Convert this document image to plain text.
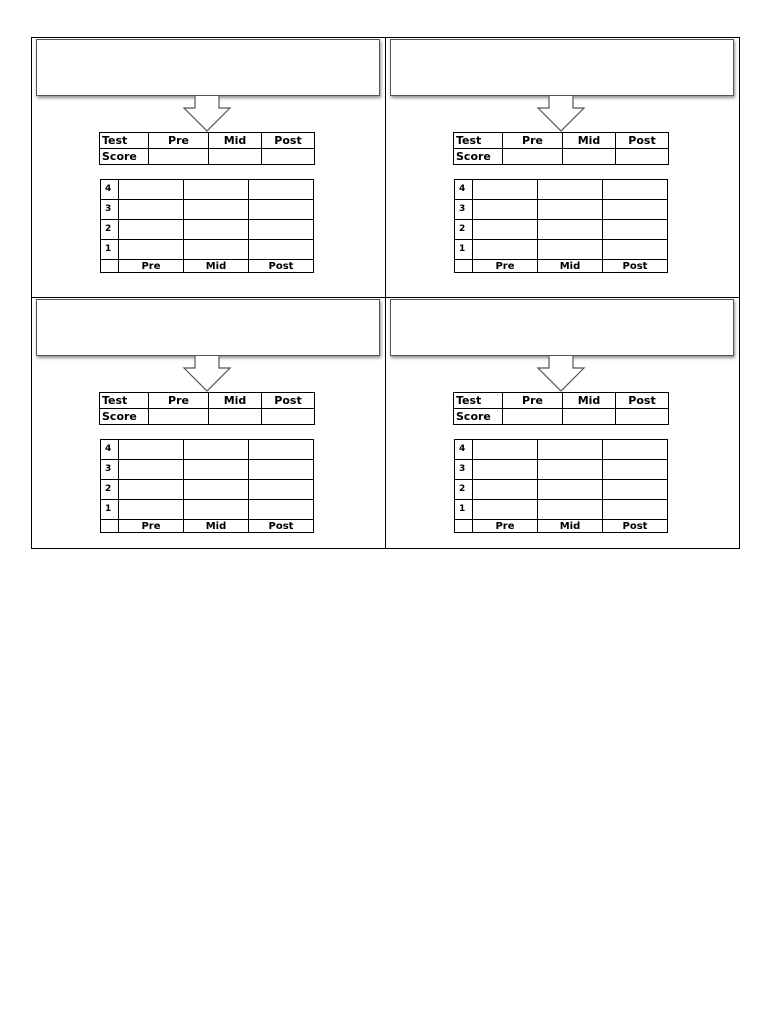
Test	Pre	Mid	Post
Score			
4			
3			
2			
1			
	Pre	Mid	Post
Test	Pre	Mid	Post
Score			
4			
3			
2			
1			
	Pre	Mid	Post
Test	Pre	Mid	Post
Score			
4			
3			
2			
1			
	Pre	Mid	Post
Test	Pre	Mid	Post
Score			
4			
3			
2			
1			
	Pre	Mid	Post
